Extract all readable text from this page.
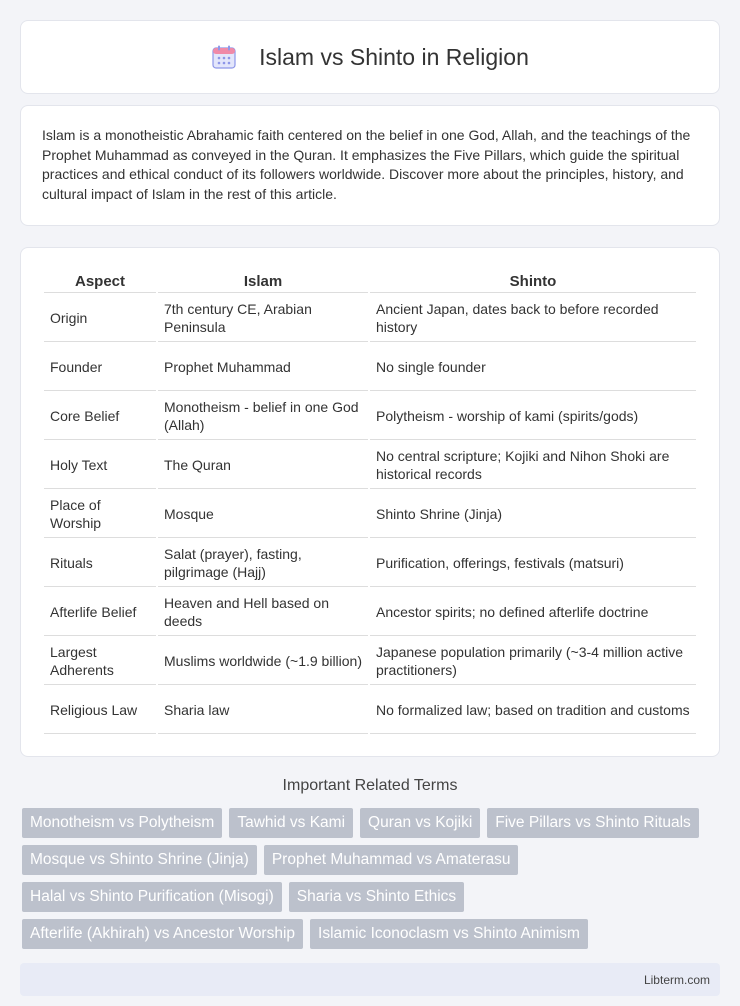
Islam vs Shinto in Religion

Islam is a monotheistic Abrahamic faith centered on the belief in one God, Allah, and the teachings of the Prophet Muhammad as conveyed in the Quran. It emphasizes the Five Pillars, which guide the spiritual practices and ethical conduct of its followers worldwide. Discover more about the principles, history, and cultural impact of Islam in the rest of this article.

Aspect	Islam	Shinto
Origin	7th century CE, Arabian Peninsula	Ancient Japan, dates back to before recorded history
Founder	Prophet Muhammad	No single founder
Core Belief	Monotheism - belief in one God (Allah)	Polytheism - worship of kami (spirits/gods)
Holy Text	The Quran	No central scripture; Kojiki and Nihon Shoki are historical records
Place of Worship	Mosque	Shinto Shrine (Jinja)
Rituals	Salat (prayer), fasting, pilgrimage (Hajj)	Purification, offerings, festivals (matsuri)
Afterlife Belief	Heaven and Hell based on deeds	Ancestor spirits; no defined afterlife doctrine
Largest Adherents	Muslims worldwide (~1.9 billion)	Japanese population primarily (~3-4 million active practitioners)
Religious Law	Sharia law	No formalized law; based on tradition and customs
Important Related Terms
Monotheism vs Polytheism	Tawhid vs Kami	Quran vs Kojiki	Five Pillars vs Shinto Rituals
Mosque vs Shinto Shrine (Jinja)	Prophet Muhammad vs Amaterasu
Halal vs Shinto Purification (Misogi)	Sharia vs Shinto Ethics
Afterlife (Akhirah) vs Ancestor Worship	Islamic Iconoclasm vs Shinto Animism
Libterm.com
